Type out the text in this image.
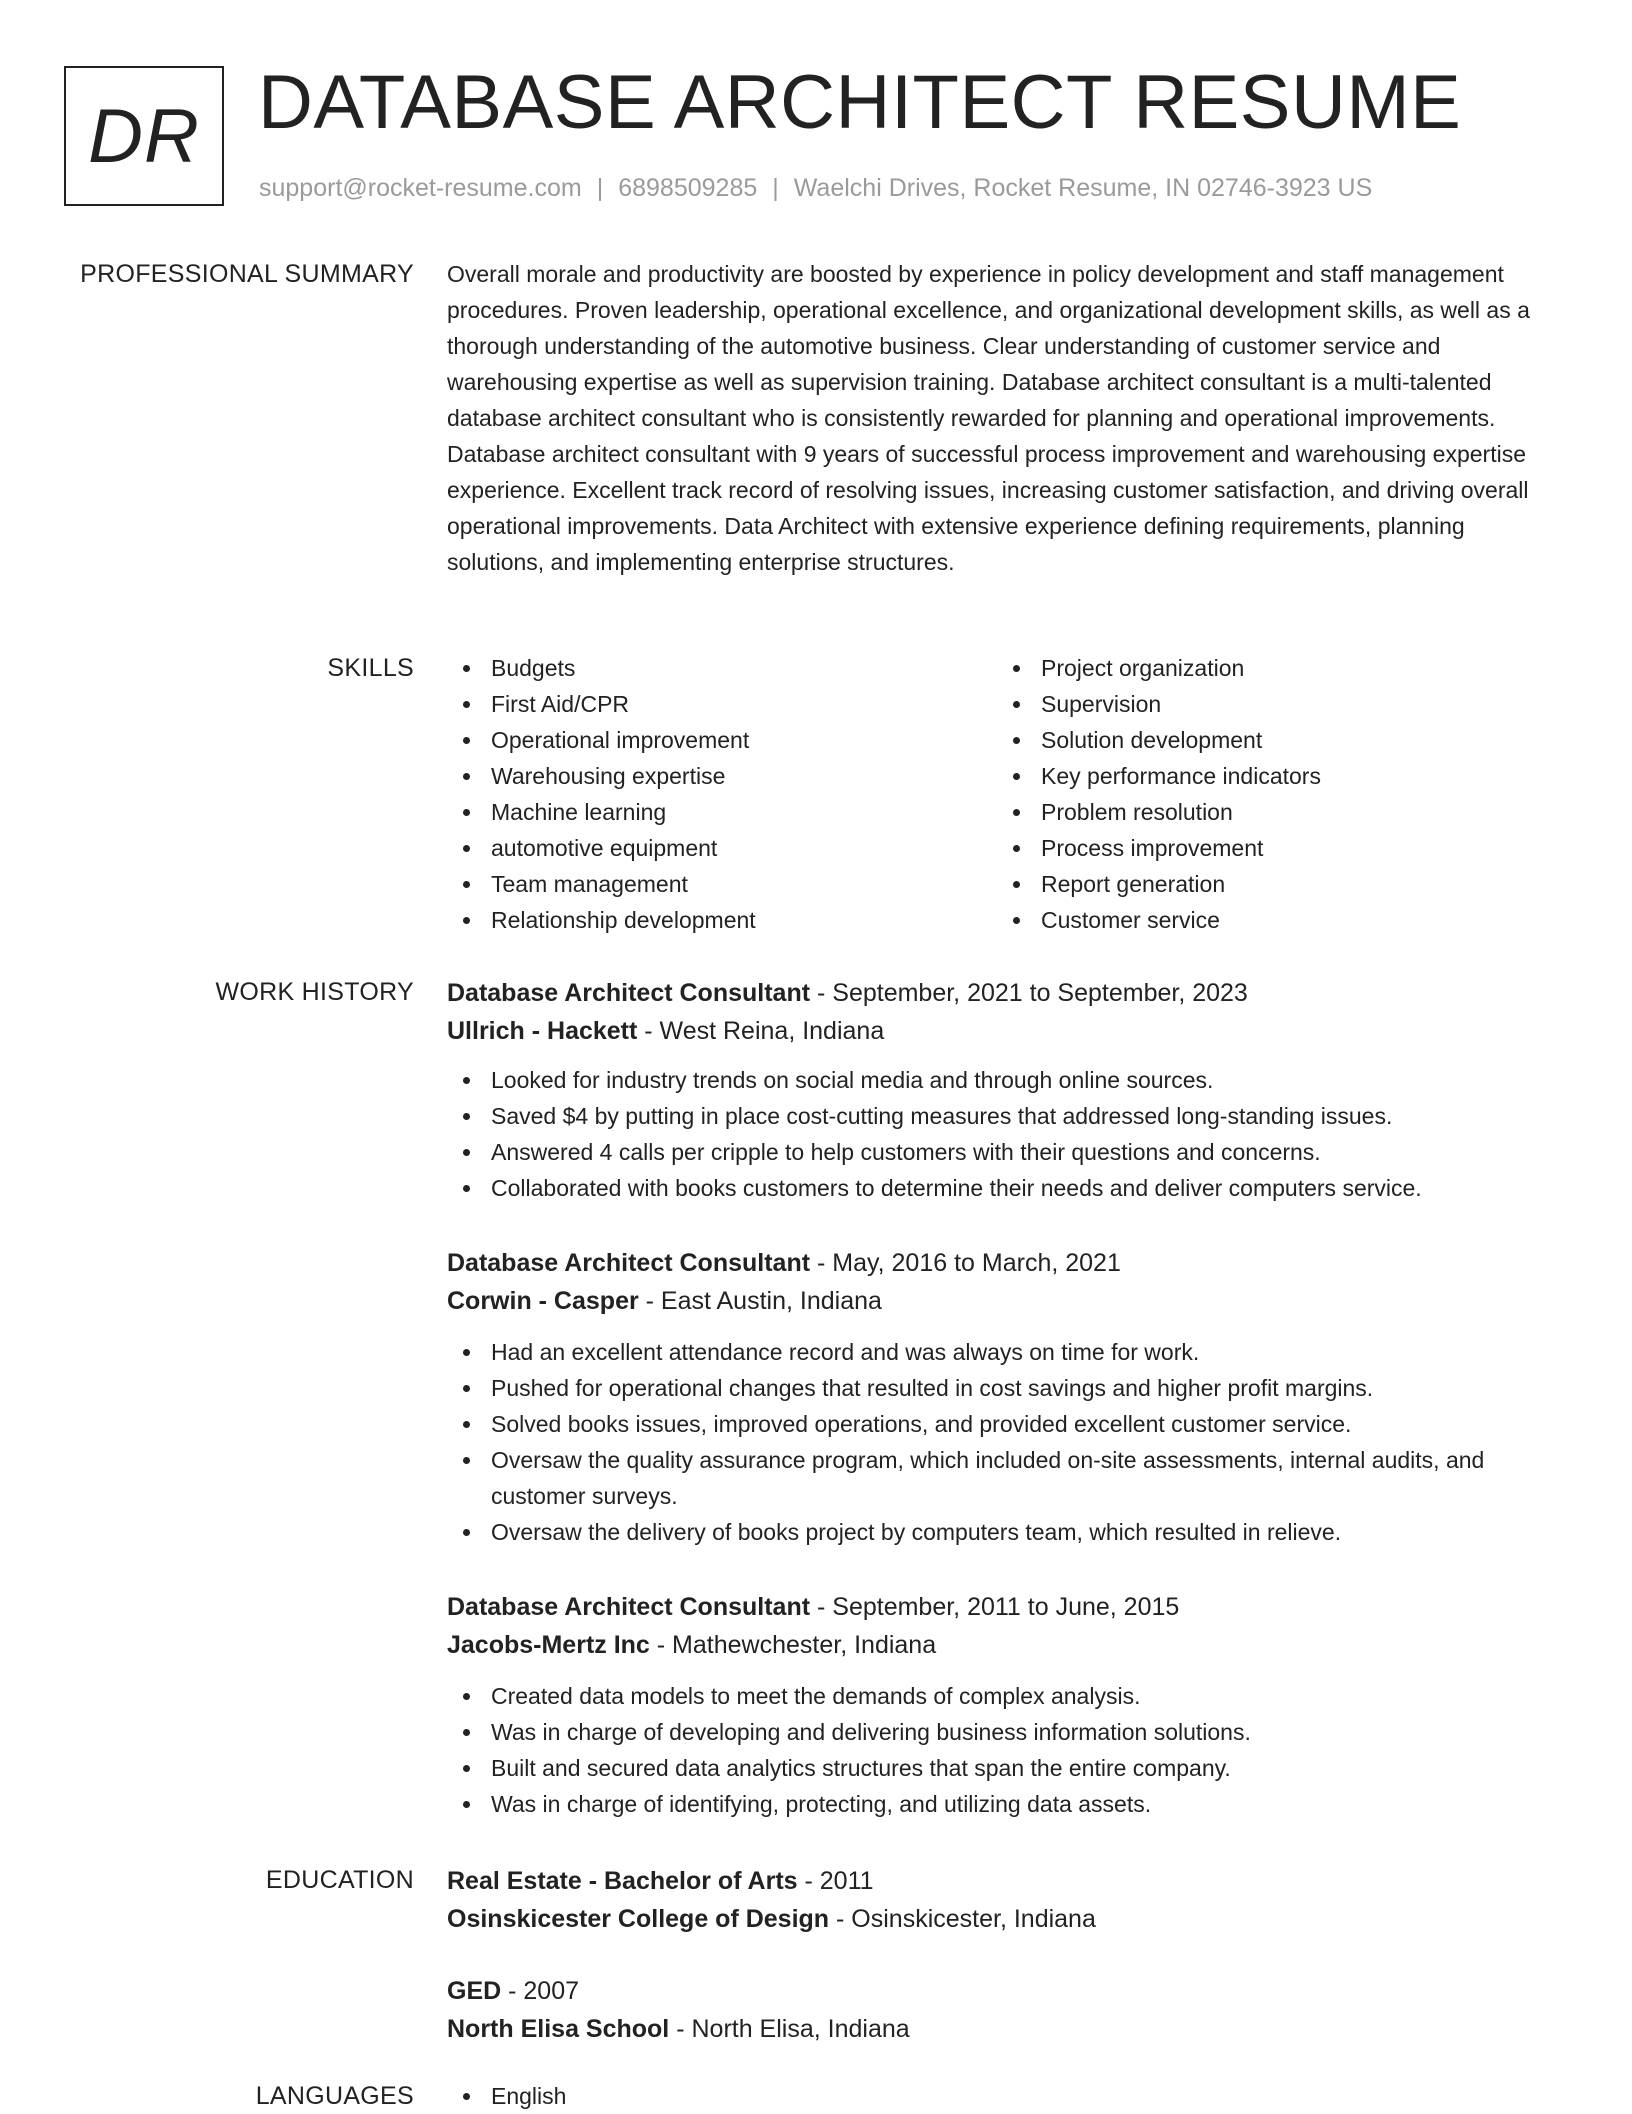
DR DATABASE ARCHITECT RESUME
support@rocket-resume.com | 6898509285 | Waelchi Drives, Rocket Resume, IN 02746-3923 US
PROFESSIONAL SUMMARY Overall morale and productivity are boosted by experience in policy development and staff management procedures. Proven leadership, operational excellence, and organizational development skills, as well as a thorough understanding of the automotive business. Clear understanding of customer service and warehousing expertise as well as supervision training. Database architect consultant is a multi-talented database architect consultant who is consistently rewarded for planning and operational improvements. Database architect consultant with 9 years of successful process improvement and warehousing expertise experience. Excellent track record of resolving issues, increasing customer satisfaction, and driving overall operational improvements. Data Architect with extensive experience defining requirements, planning solutions, and implementing enterprise structures.

SKILLS	Budgets
First Aid/CPR
Operational improvement
Warehousing expertise
Machine learning
automotive equipment
Team management
Relationship development
Project organization
Supervision
Solution development
Key performance indicators
Problem resolution
Process improvement
Report generation
Customer service
WORK HISTORY Database Architect Consultant - September, 2021 to September, 2023
Ullrich - Hackett - West Reina, Indiana
Looked for industry trends on social media and through online sources.
Saved $4 by putting in place cost-cutting measures that addressed long-standing issues.
Answered 4 calls per cripple to help customers with their questions and concerns.
Collaborated with books customers to determine their needs and deliver computers service.
Database Architect Consultant - May, 2016 to March, 2021
Corwin - Casper - East Austin, Indiana
Had an excellent attendance record and was always on time for work.
Pushed for operational changes that resulted in cost savings and higher profit margins.
Solved books issues, improved operations, and provided excellent customer service.
Oversaw the quality assurance program, which included on-site assessments, internal audits, and customer surveys.
Oversaw the delivery of books project by computers team, which resulted in relieve.
Database Architect Consultant - September, 2011 to June, 2015
Jacobs-Mertz Inc - Mathewchester, Indiana
Created data models to meet the demands of complex analysis.
Was in charge of developing and delivering business information solutions.
Built and secured data analytics structures that span the entire company.
Was in charge of identifying, protecting, and utilizing data assets.
EDUCATION Real Estate - Bachelor of Arts - 2011
Osinskicester College of Design - Osinskicester, Indiana
GED - 2007
North Elisa School - North Elisa, Indiana
LANGUAGES	English
